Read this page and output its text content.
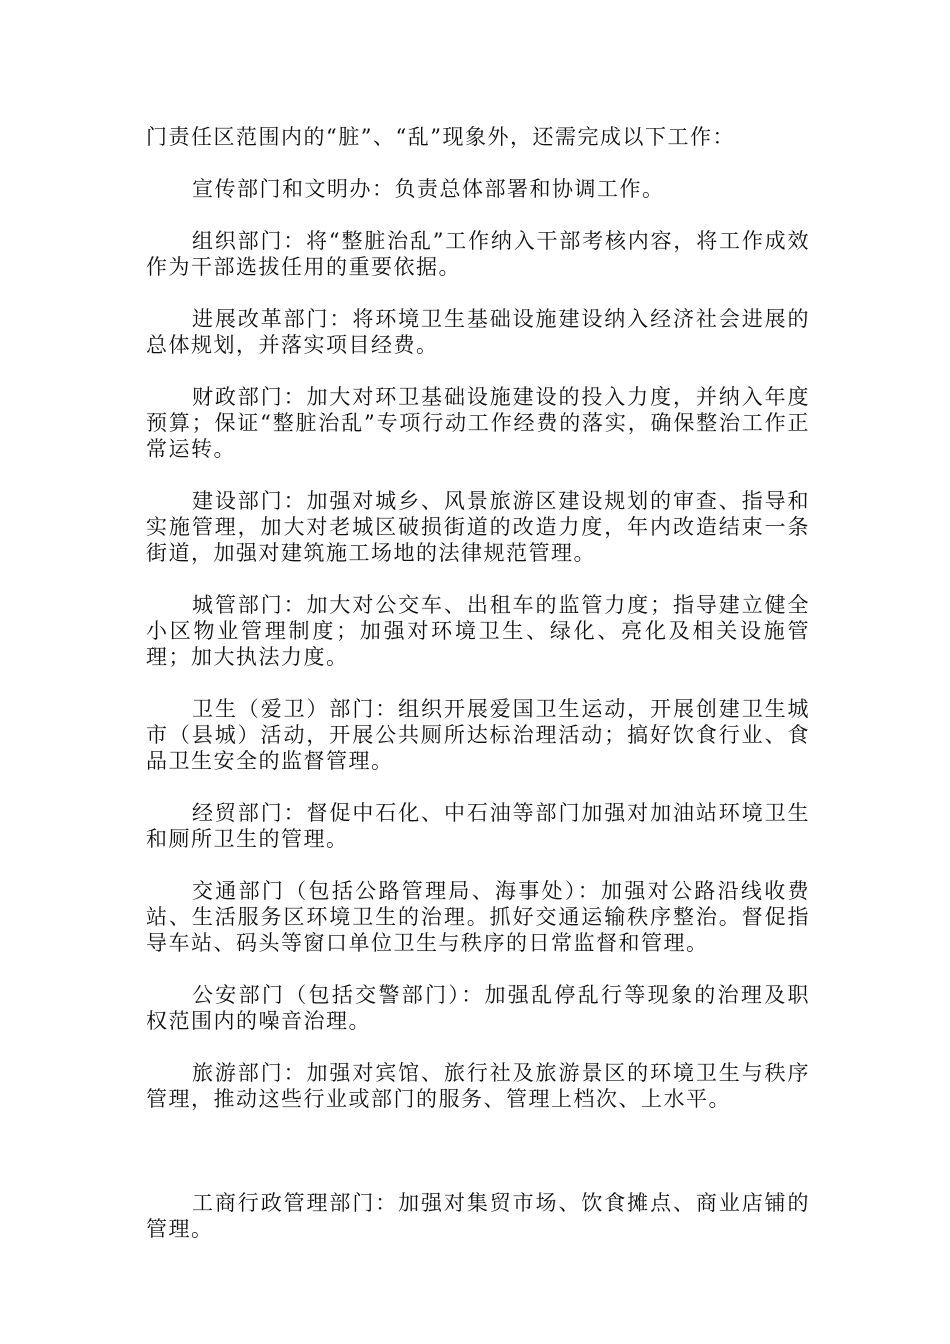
门责任区范围内的“脏”、“乱”现象外，还需完成以下工作：

宣传部门和文明办：负责总体部署和协调工作。

组织部门：将“整脏治乱”工作纳入干部考核内容，将工作成效作为干部选拔任用的重要依据。

进展改革部门：将环境卫生基础设施建设纳入经济社会进展的总体规划，并落实项目经费。

财政部门：加大对环卫基础设施建设的投入力度，并纳入年度预算；保证“整脏治乱”专项行动工作经费的落实，确保整治工作正常运转。

建设部门：加强对城乡、风景旅游区建设规划的审查、指导和实施管理，加大对老城区破损街道的改造力度，年内改造结束一条街道，加强对建筑施工场地的法律规范管理。

城管部门：加大对公交车、出租车的监管力度；指导建立健全小区物业管理制度；加强对环境卫生、绿化、亮化及相关设施管理；加大执法力度。

卫生（爱卫）部门：组织开展爱国卫生运动，开展创建卫生城市（县城）活动，开展公共厕所达标治理活动；搞好饮食行业、食品卫生安全的监督管理。

经贸部门：督促中石化、中石油等部门加强对加油站环境卫生和厕所卫生的管理。

交通部门（包括公路管理局、海事处）：加强对公路沿线收费站、生活服务区环境卫生的治理。抓好交通运输秩序整治。督促指导车站、码头等窗口单位卫生与秩序的日常监督和管理。

公安部门（包括交警部门）：加强乱停乱行等现象的治理及职权范围内的噪音治理。

旅游部门：加强对宾馆、旅行社及旅游景区的环境卫生与秩序管理，推动这些行业或部门的服务、管理上档次、上水平。

工商行政管理部门：加强对集贸市场、饮食摊点、商业店铺的管理。
